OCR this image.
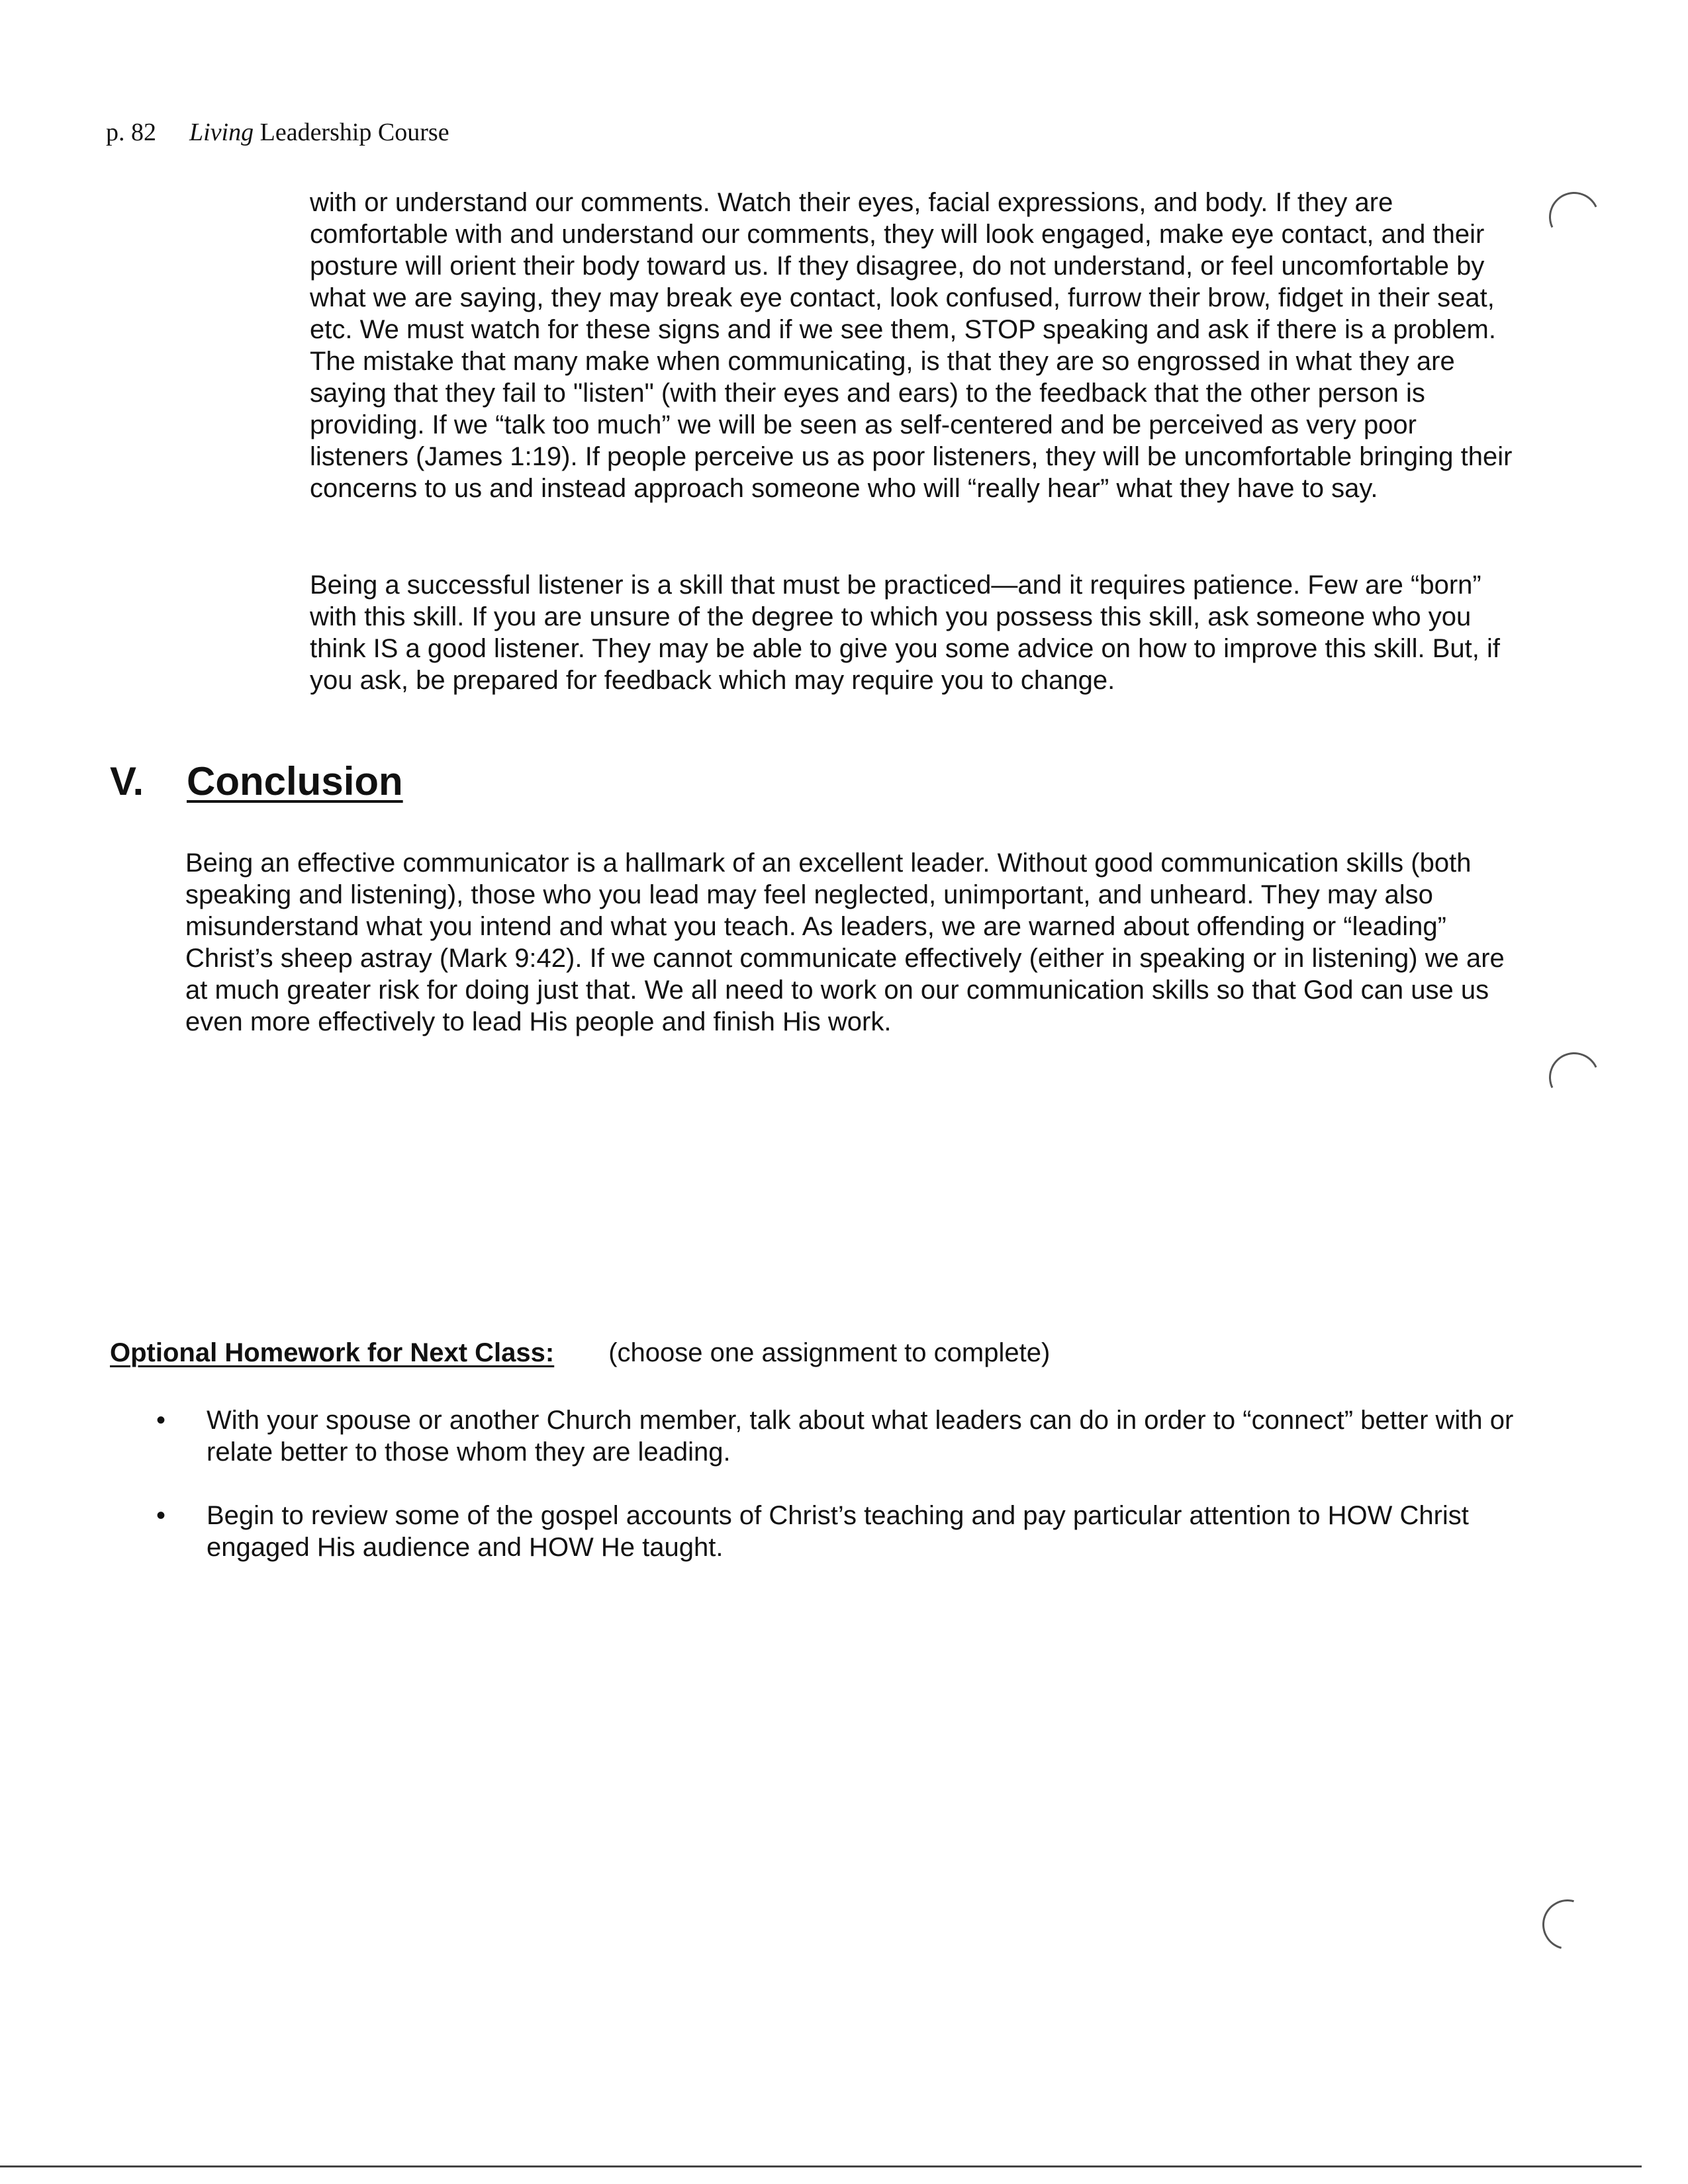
p. 82 Living Leadership Course

with or understand our comments. Watch their eyes, facial expressions, and body. If they are comfortable with and understand our comments, they will look engaged, make eye contact, and their posture will orient their body toward us. If they disagree, do not understand, or feel uncomfortable by what we are saying, they may break eye contact, look confused, furrow their brow, fidget in their seat, etc. We must watch for these signs and if we see them, STOP speaking and ask if there is a problem. The mistake that many make when communicating, is that they are so engrossed in what they are saying that they fail to "listen" (with their eyes and ears) to the feedback that the other person is providing. If we “talk too much” we will be seen as self-centered and be perceived as very poor listeners (James 1:19). If people perceive us as poor listeners, they will be uncomfortable bringing their concerns to us and instead approach someone who will “really hear” what they have to say.

Being a successful listener is a skill that must be practiced—and it requires patience. Few are “born” with this skill. If you are unsure of the degree to which you possess this skill, ask someone who you think IS a good listener. They may be able to give you some advice on how to improve this skill. But, if you ask, be prepared for feedback which may require you to change.

V. Conclusion

Being an effective communicator is a hallmark of an excellent leader. Without good communication skills (both speaking and listening), those who you lead may feel neglected, unimportant, and unheard. They may also misunderstand what you intend and what you teach. As leaders, we are warned about offending or “leading” Christ’s sheep astray (Mark 9:42). If we cannot communicate effectively (either in speaking or in listening) we are at much greater risk for doing just that. We all need to work on our communication skills so that God can use us even more effectively to lead His people and finish His work.

Optional Homework for Next Class: (choose one assignment to complete)
•	With your spouse or another Church member, talk about what leaders can do in order to “connect” better with or relate better to those whom they are leading.
•	Begin to review some of the gospel accounts of Christ’s teaching and pay particular attention to HOW Christ engaged His audience and HOW He taught.
